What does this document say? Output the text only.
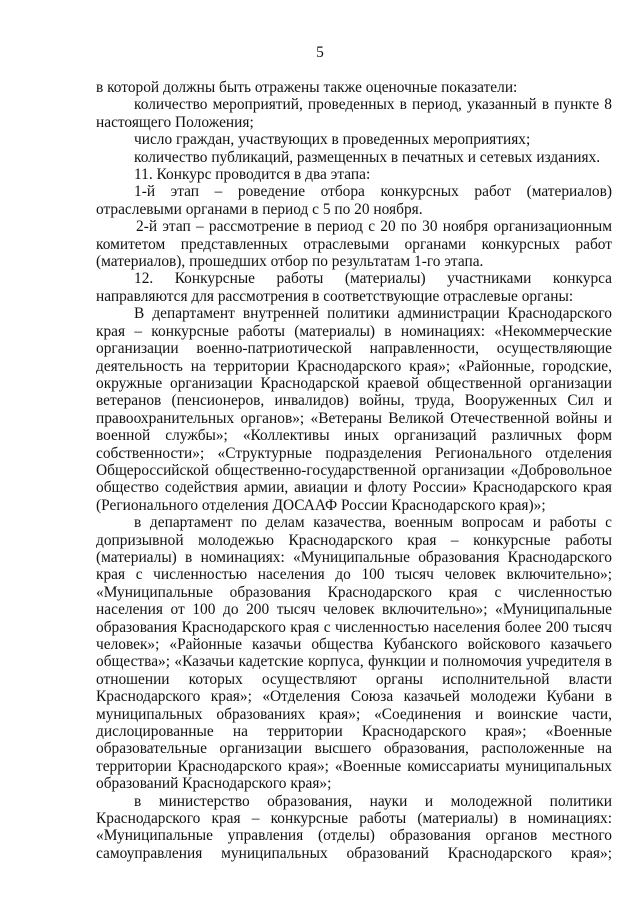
5

в которой должны быть отражены также оценочные показатели:

количество мероприятий, проведенных в период, указанный в пункте 8 настоящего Положения;

число граждан, участвующих в проведенных мероприятиях;

количество публикаций, размещенных в печатных и сетевых изданиях.

11. Конкурс проводится в два этапа:

1-й этап – роведение отбора конкурсных работ (материалов) отраслевыми органами в период с 5 по 20 ноября.

2-й этап – рассмотрение в период с 20 по 30 ноября организационным комитетом представленных отраслевыми органами конкурсных работ (материалов), прошедших отбор по результатам 1-го этапа.

12. Конкурсные работы (материалы) участниками конкурса направляются для рассмотрения в соответствующие отраслевые органы:

В департамент внутренней политики администрации Краснодарского края – конкурсные работы (материалы) в номинациях: «Некоммерческие организации военно-патриотической направленности, осуществляющие деятельность на территории Краснодарского края»; «Районные, городские, окружные организации Краснодарской краевой общественной организации ветеранов (пенсионеров, инвалидов) войны, труда, Вооруженных Сил и правоохранительных органов»; «Ветераны Великой Отечественной войны и военной службы»; «Коллективы иных организаций различных форм собственности»; «Структурные подразделения Регионального отделения Общероссийской общественно-государственной организации «Добровольное общество содействия армии, авиации и флоту России» Краснодарского края (Регионального отделения ДОСААФ России Краснодарского края)»;

в департамент по делам казачества, военным вопросам и работы с допризывной молодежью Краснодарского края – конкурсные работы (материалы) в номинациях: «Муниципальные образования Краснодарского края с численностью населения до 100 тысяч человек включительно»; «Муниципальные образования Краснодарского края с численностью населения от 100 до 200 тысяч человек включительно»; «Муниципальные образования Краснодарского края с численностью населения более 200 тысяч человек»; «Районные казачьи общества Кубанского войскового казачьего общества»; «Казачьи кадетские корпуса, функции и полномочия учредителя в отношении которых осуществляют органы исполнительной власти Краснодарского края»; «Отделения Союза казачьей молодежи Кубани в муниципальных образованиях края»; «Соединения и воинские части, дислоцированные на территории Краснодарского края»; «Военные образовательные организации высшего образования, расположенные на территории Краснодарского края»; «Военные комиссариаты муниципальных образований Краснодарского края»;

в министерство образования, науки и молодежной политики Краснодарского края – конкурсные работы (материалы) в номинациях: «Муниципальные управления (отделы) образования органов местного самоуправления муниципальных образований Краснодарского края»;
